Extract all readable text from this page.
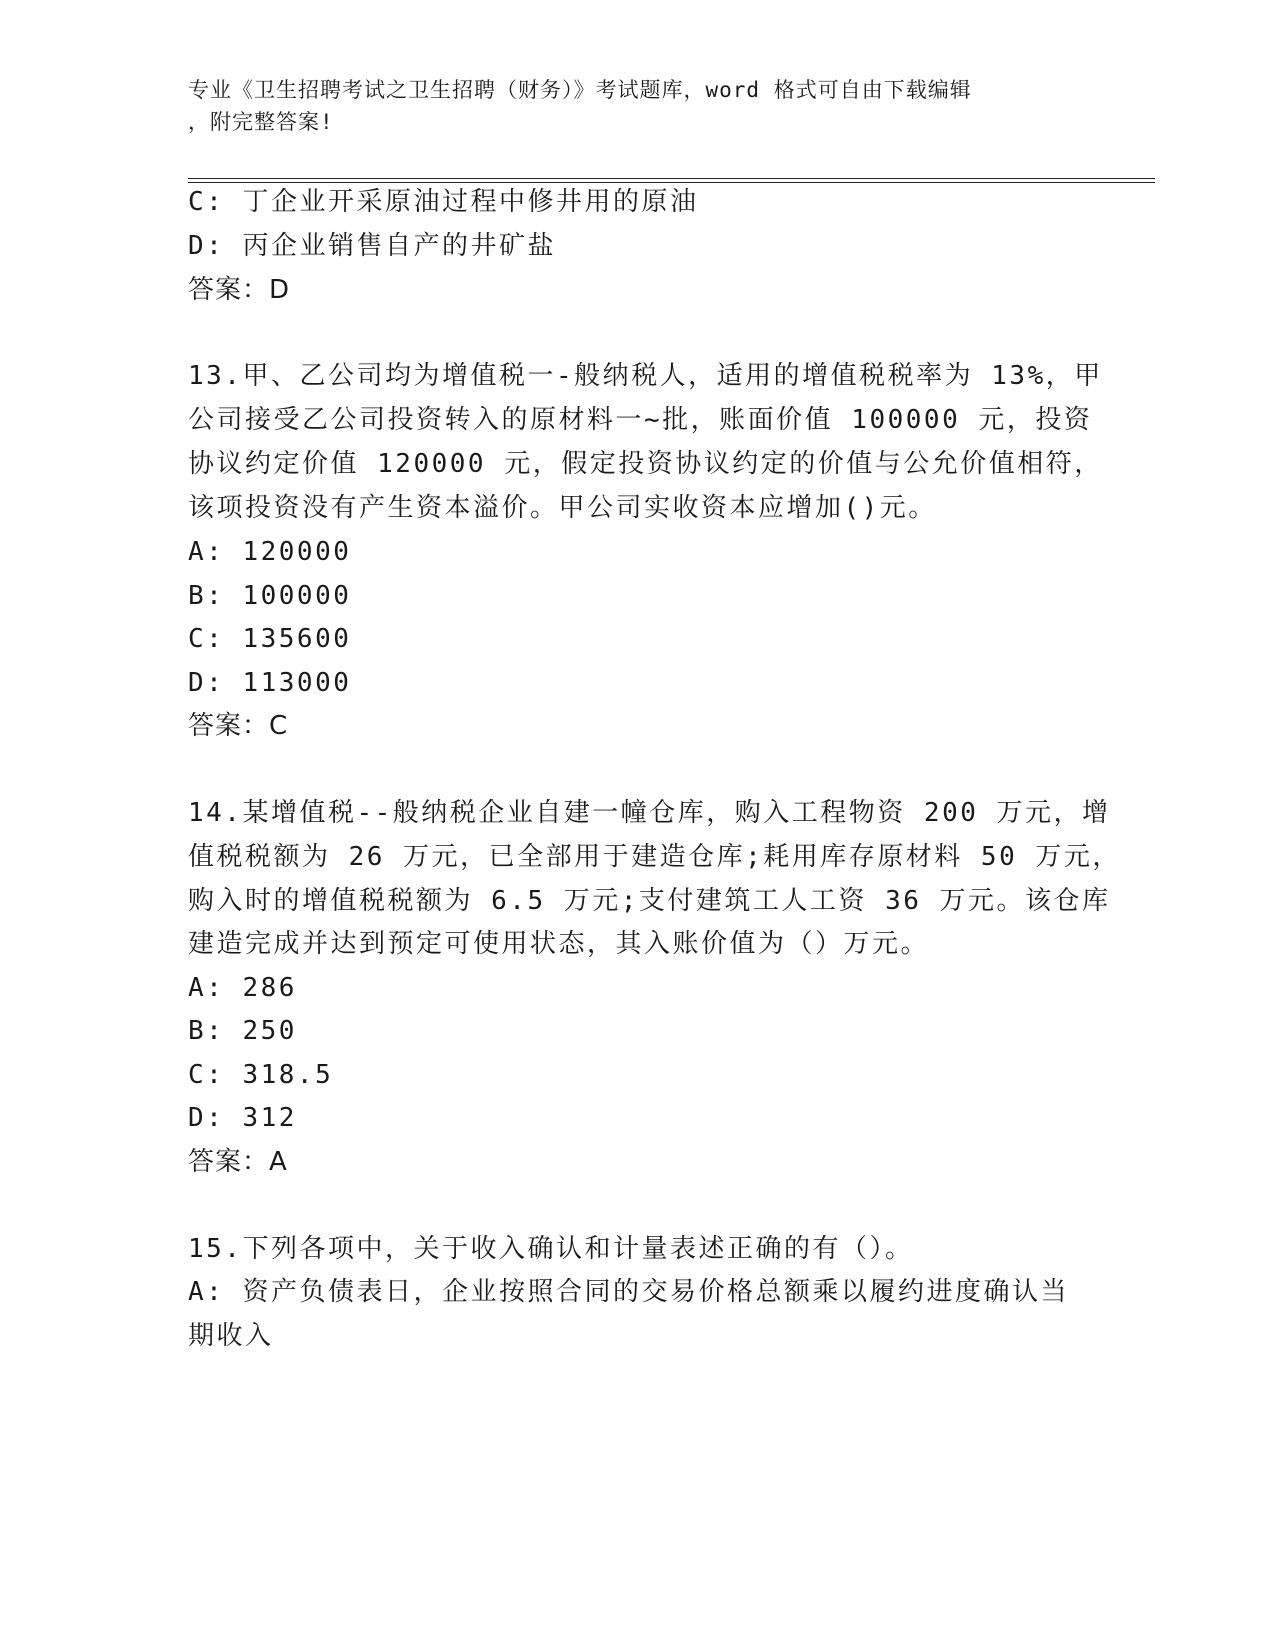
专业《卫生招聘考试之卫生招聘（财务）》考试题库，word 格式可自由下载编辑
，附完整答案!
C: 丁企业开采原油过程中修井用的原油
D: 丙企业销售自产的井矿盐
答案：D
13.甲、乙公司均为增值税一-般纳税人，适用的增值税税率为 13%，甲
公司接受乙公司投资转入的原材料一~批，账面价值 100000 元，投资
协议约定价值 120000 元，假定投资协议约定的价值与公允价值相符，
该项投资没有产生资本溢价。甲公司实收资本应增加()元。
A: 120000
B: 100000
C: 135600
D: 113000
答案：C
14.某增值税--般纳税企业自建一幢仓库，购入工程物资 200 万元，增
值税税额为 26 万元，已全部用于建造仓库;耗用库存原材料 50 万元，
购入时的增值税税额为 6.5 万元;支付建筑工人工资 36 万元。该仓库
建造完成并达到预定可使用状态，其入账价值为（）万元。
A: 286
B: 250
C: 318.5
D: 312
答案：A
15.下列各项中，关于收入确认和计量表述正确的有（）。
A: 资产负债表日，企业按照合同的交易价格总额乘以履约进度确认当
期收入
